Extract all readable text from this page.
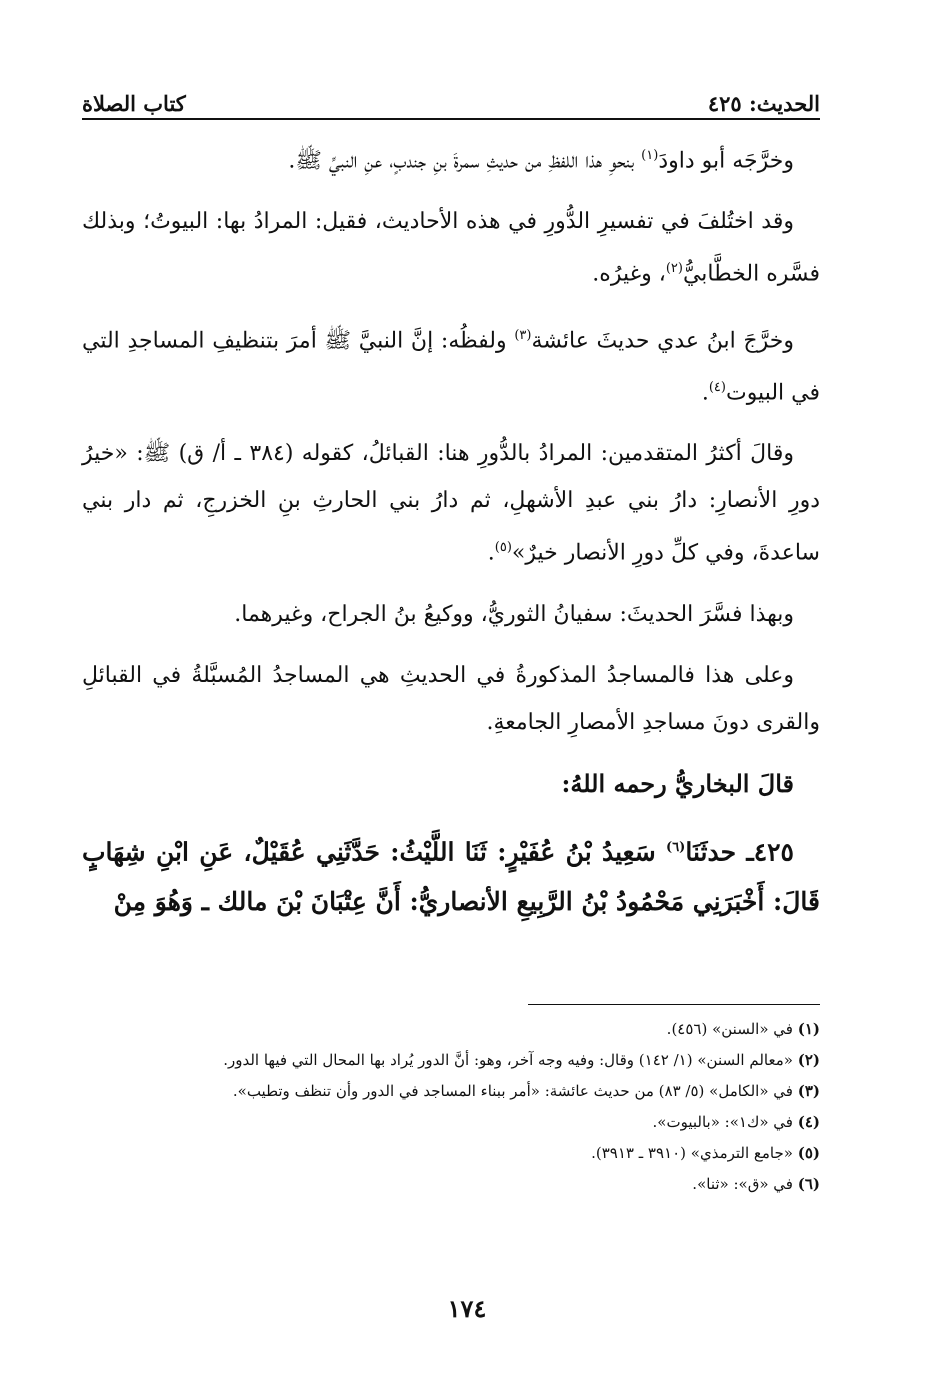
كتاب الصلاة	الحديث: ٤٢٥

وخرَّجَه أبو داودَ$^{(١)}$ بنحوِ هذا اللفظِ من حديثِ سمرةَ بنِ جندبٍ، عنِ النبيِّ ﷺ.

وقد اختُلفَ في تفسيرِ الدُّورِ في هذه الأحاديث، فقيل: المرادُ بها: البيوتُ؛ وبذلك فسَّره الخطَّابيُّ$^{(٢)}$، وغيرُه.

وخرَّجَ ابنُ عدي حديثَ عائشة$^{(٣)}$ ولفظُه: إنَّ النبيَّ ﷺ أمرَ بتنظيفِ المساجدِ التي في البيوت$^{(٤)}$.

وقالَ أكثرُ المتقدمين: المرادُ بالدُّورِ هنا: القبائلُ، كقوله (٣٨٤ ـ أ/ ق) ﷺ: «خيرُ دورِ الأنصارِ: دارُ بني عبدِ الأشهلِ، ثم دارُ بني الحارثِ بنِ الخزرجِ، ثم دار بني ساعدةَ، وفي كلِّ دورِ الأنصار خيرٌ»$^{(٥)}$.

وبهذا فسَّرَ الحديثَ: سفيانُ الثوريُّ، ووكيعُ بنُ الجراح، وغيرهما.

وعلى هذا فالمساجدُ المذكورةُ في الحديثِ هي المساجدُ المُسبَّلةُ في القبائلِ والقرى دونَ مساجدِ الأمصارِ الجامعةِ.

قالَ البخاريُّ رحمه اللهُ:

٤٢٥ـ حدثَنَا$^{(٦)}$ سَعِيدُ بْنُ عُفَيْرٍ: ثَنَا اللَّيْثُ: حَدَّثَنِي عُقَيْلٌ، عَنِ ابْنِ شِهَابٍ قَالَ: أَخْبَرَنِي مَحْمُودُ بْنُ الرَّبِيعِ الأنصاريُّ: أَنَّ عِتْبَانَ بْنَ مالك ـ وَهُوَ مِنْ

(١) في «السنن» (٤٥٦).

(٢) «معالم السنن» (١/ ١٤٢) وقال: وفيه وجه آخر، وهو: أنَّ الدور يُراد بها المحال التي فيها الدور.

(٣) في «الكامل» (٥/ ٨٣) من حديث عائشة: «أمر ببناء المساجد في الدور وأن تنظف وتطيب».

(٤) في «ك١»: «بالبيوت».

(٥) «جامع الترمذي» (٣٩١٠ ـ ٣٩١٣).

(٦) في «ق»: «ثنا».

١٧٤
